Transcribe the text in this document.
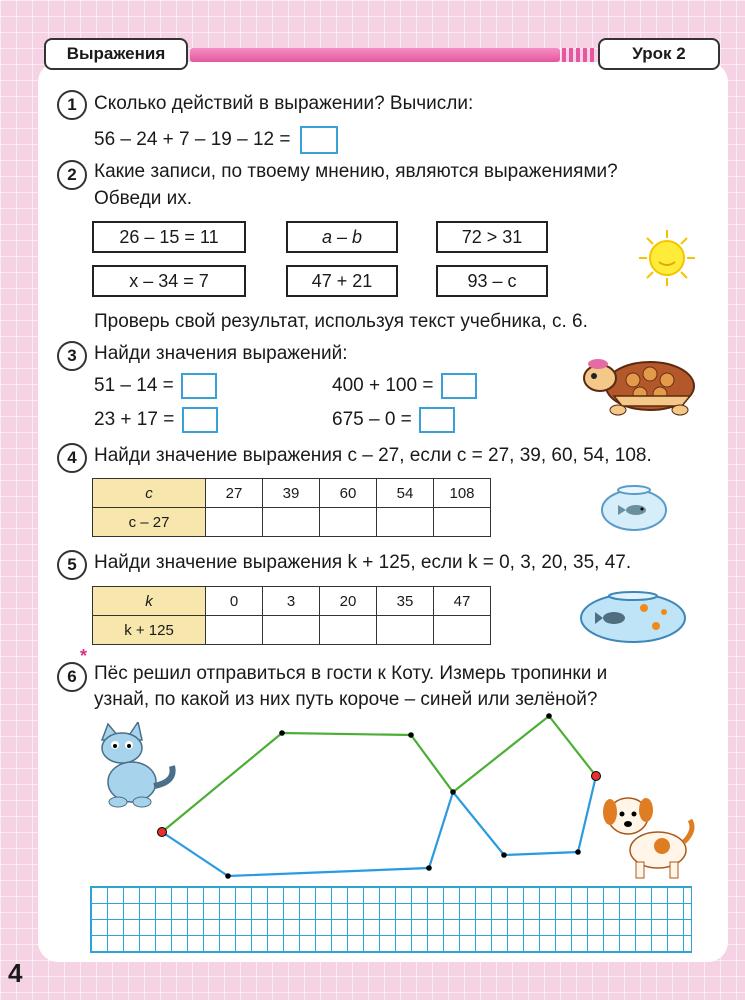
Выражения	Урок 2
1 Сколько действий в выражении? Вычисли:
56 – 24 + 7 – 19 – 12 =
2 Какие записи, по твоему мнению, являются выражениями?
Обведи их.
26 – 15 = 11	a – b	72 > 31
x – 34 = 7	47 + 21	93 – c
Проверь свой результат, используя текст учебника, с. 6.
3 Найди значения выражений:
51 – 14 =	400 + 100 =
23 + 17 =	675 – 0 =
4 Найди значение выражения c – 27, если c = 27, 39, 60, 54, 108.
c	27	39	60	54	108
c – 27					
5 Найди значение выражения k + 125, если k = 0, 3, 20, 35, 47.
k	0	3	20	35	47
k + 125					
6
*
Пёс решил отправиться в гости к Коту. Измерь тропинки и
узнай, по какой из них путь короче – синей или зелёной?
4
